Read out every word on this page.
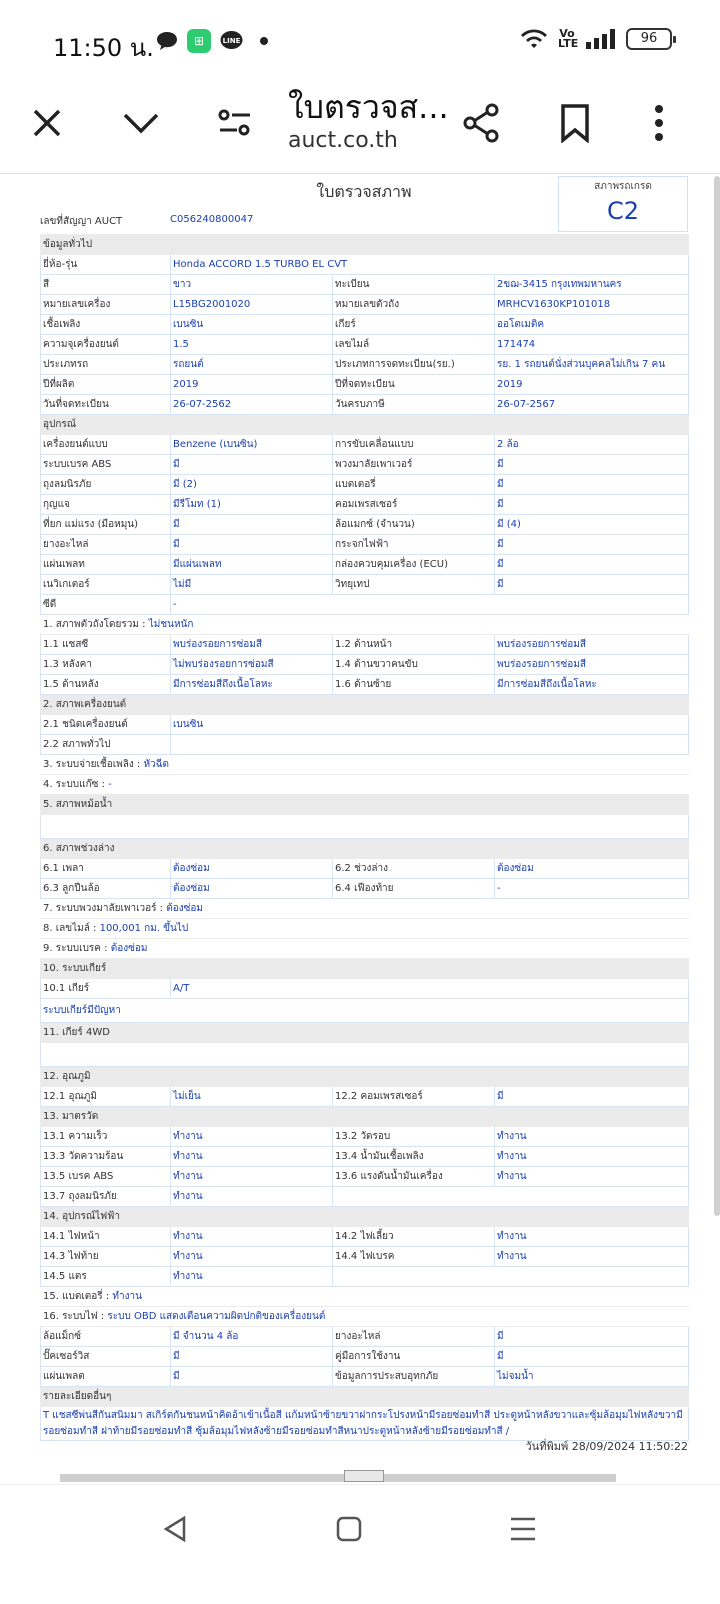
11:50 น.	⊞	LINE
Vo LTE	96
ใบตรวจส...
auct.co.th
ใบตรวจสภาพ	สภาพรถเกรด
C2
เลขที่สัญญา AUCT	C056240800047
ข้อมูลทั่วไป			
ยี่ห้อ-รุ่น	Honda ACCORD 1.5 TURBO EL CVT		
สี	ขาว	ทะเบียน	2ขฌ-3415 กรุงเทพมหานคร
หมายเลขเครื่อง	L15BG2001020	หมายเลขตัวถัง	MRHCV1630KP101018
เชื้อเพลิง	เบนซิน	เกียร์	ออโตเมติค
ความจุเครื่องยนต์	1.5	เลขไมล์	171474
ประเภทรถ	รถยนต์	ประเภทการจดทะเบียน(รย.)	รย. 1 รถยนต์นั่งส่วนบุคคลไม่เกิน 7 คน
ปีที่ผลิต	2019	ปีที่จดทะเบียน	2019
วันที่จดทะเบียน	26-07-2562	วันครบภาษี	26-07-2567
อุปกรณ์			
เครื่องยนต์แบบ	Benzene (เบนซิน)	การขับเคลื่อนแบบ	2 ล้อ
ระบบเบรค ABS	มี	พวงมาลัยเพาเวอร์	มี
ถุงลมนิรภัย	มี (2)	แบตเตอรี่	มี
กุญแจ	มีรีโมท (1)	คอมเพรสเซอร์	มี
ที่ยก แม่แรง (มือหมุน)	มี	ล้อแมกซ์ (จำนวน)	มี (4)
ยางอะไหล่	มี	กระจกไฟฟ้า	มี
แผ่นเพลท	มีแผ่นเพลท	กล่องควบคุมเครื่อง (ECU)	มี
เนวิเกเตอร์	ไม่มี	วิทยุเทป	มี
ซีดี	-		
1. สภาพตัวถังโดยรวม : ไม่ชนหนัก			
1.1 แชสซี	พบร่องรอยการซ่อมสี	1.2 ด้านหน้า	พบร่องรอยการซ่อมสี
1.3 หลังคา	ไม่พบร่องรอยการซ่อมสี	1.4 ด้านขวาคนขับ	พบร่องรอยการซ่อมสี
1.5 ด้านหลัง	มีการซ่อมสีถึงเนื้อโลหะ	1.6 ด้านซ้าย	มีการซ่อมสีถึงเนื้อโลหะ
2. สภาพเครื่องยนต์			
2.1 ชนิดเครื่องยนต์	เบนซิน		
2.2 สภาพทั่วไป			
3. ระบบจ่ายเชื้อเพลิง : หัวฉีด			
4. ระบบแก๊ซ : -			
5. สภาพหม้อน้ำ			

6. สภาพช่วงล่าง			
6.1 เพลา	ต้องซ่อม	6.2 ช่วงล่าง	ต้องซ่อม
6.3 ลูกปืนล้อ	ต้องซ่อม	6.4 เฟืองท้าย	-
7. ระบบพวงมาลัยเพาเวอร์ : ต้องซ่อม			
8. เลขไมล์ : 100,001 กม. ขึ้นไป			
9. ระบบเบรค : ต้องซ่อม			
10. ระบบเกียร์			
10.1 เกียร์	A/T		
ระบบเกียร์มีปัญหา			
11. เกียร์ 4WD			

12. อุณภูมิ			
12.1 อุณภูมิ	ไม่เย็น	12.2 คอมเพรสเซอร์	มี
13. มาตรวัด			
13.1 ความเร็ว	ทำงาน	13.2 วัดรอบ	ทำงาน
13.3 วัดความร้อน	ทำงาน	13.4 น้ำมันเชื้อเพลิง	ทำงาน
13.5 เบรค ABS	ทำงาน	13.6 แรงดันน้ำมันเครื่อง	ทำงาน
13.7 ถุงลมนิรภัย	ทำงาน		
14. อุปกรณ์ไฟฟ้า			
14.1 ไฟหน้า	ทำงาน	14.2 ไฟเลี้ยว	ทำงาน
14.3 ไฟท้าย	ทำงาน	14.4 ไฟเบรค	ทำงาน
14.5 แตร	ทำงาน		
15. แบตเตอรี่ : ทำงาน			
16. ระบบไฟ : ระบบ OBD แสดงเตือนความผิดปกติของเครื่องยนต์			
ล้อแม็กซ์	มี จำนวน 4 ล้อ	ยางอะไหล่	มี
ปั๊คเซอร์วิส	มี	คู่มือการใช้งาน	มี
แผ่นเพลต	มี	ข้อมูลการประสบอุทกภัย	ไม่จมน้ำ
รายละเอียดอื่นๆ			
T แชสซีพ่นสีกันสนิมมา สเกิร์ตกันชนหน้าคิดอ้าเข้าเนื้อสี แก้มหน้าซ้ายขวาฝากระโปรงหน้ามีรอยซ่อมทำสี ประตูหน้าหลังขวาและซุ้มล้อมุมไฟหลังขวามีรอยซ่อมทำสี ฝาท้ายมีรอยซ่อมทำสี ซุ้มล้อมุมไฟหลังซ้ายมีรอยซ่อมทำสีหนาประตูหน้าหลังซ้ายมีรอยซ่อมทำสี /			
วันที่พิมพ์ 28/09/2024 11:50:22
